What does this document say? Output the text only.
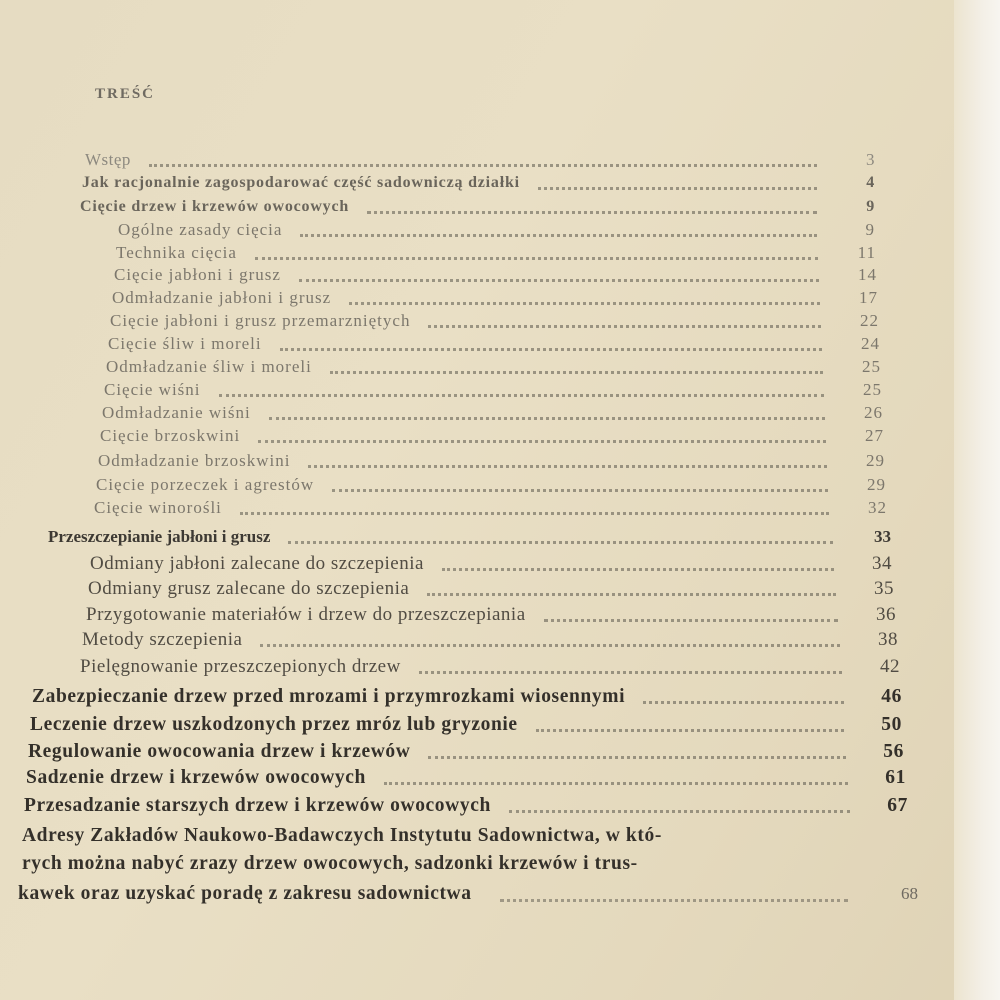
TREŚĆ
Wstęp	3
Jak racjonalnie zagospodarować część sadowniczą działki	4
Cięcie drzew i krzewów owocowych	9
Ogólne zasady cięcia	9
Technika cięcia	11
Cięcie jabłoni i grusz	14
Odmładzanie jabłoni i grusz	17
Cięcie jabłoni i grusz przemarzniętych	22
Cięcie śliw i moreli	24
Odmładzanie śliw i moreli	25
Cięcie wiśni	25
Odmładzanie wiśni	26
Cięcie brzoskwini	27
Odmładzanie brzoskwini	29
Cięcie porzeczek i agrestów	29
Cięcie winorośli	32
Przeszczepianie jabłoni i grusz	33
Odmiany jabłoni zalecane do szczepienia	34
Odmiany grusz zalecane do szczepienia	35
Przygotowanie materiałów i drzew do przeszczepiania	36
Metody szczepienia	38
Pielęgnowanie przeszczepionych drzew	42
Zabezpieczanie drzew przed mrozami i przymrozkami wiosennymi	46
Leczenie drzew uszkodzonych przez mróz lub gryzonie	50
Regulowanie owocowania drzew i krzewów	56
Sadzenie drzew i krzewów owocowych	61
Przesadzanie starszych drzew i krzewów owocowych	67
Adresy Zakładów Naukowo-Badawczych Instytutu Sadownictwa, w któ-
rych można nabyć zrazy drzew owocowych, sadzonki krzewów i trus-
kawek oraz uzyskać poradę z zakresu sadownictwa	68
